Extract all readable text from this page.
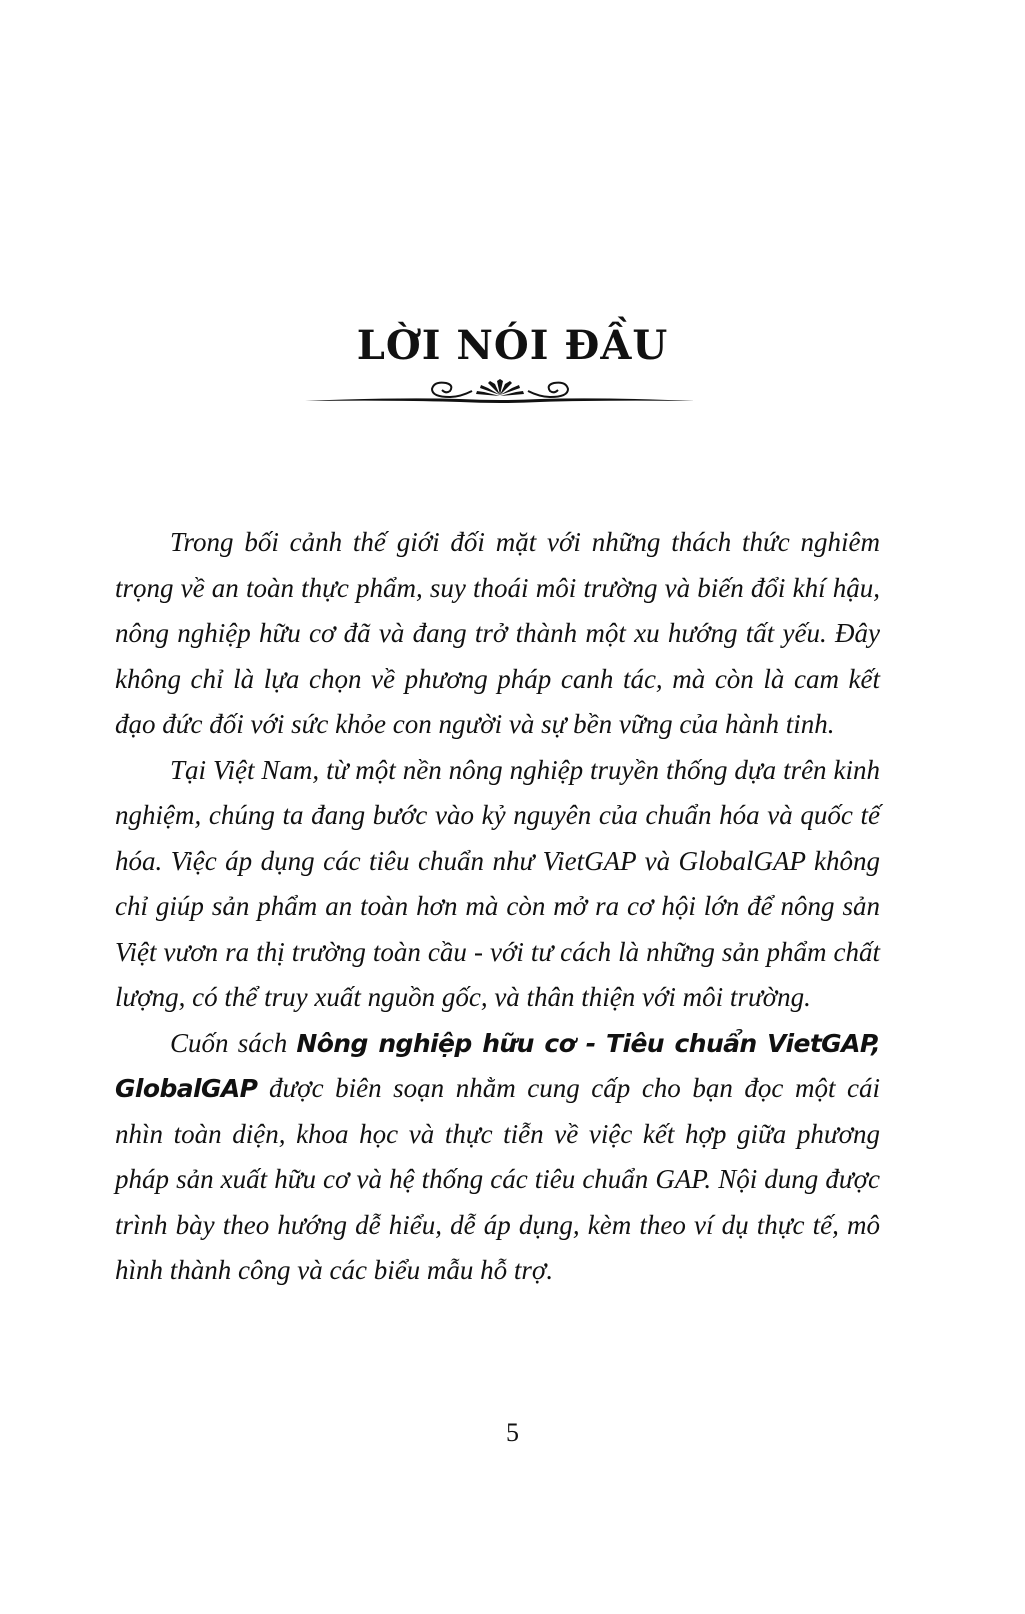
LỜI NÓI ĐẦU

Trong bối cảnh thế giới đối mặt với những thách thức nghiêm trọng về an toàn thực phẩm, suy thoái môi trường và biến đổi khí hậu, nông nghiệp hữu cơ đã và đang trở thành một xu hướng tất yếu. Đây không chỉ là lựa chọn về phương pháp canh tác, mà còn là cam kết đạo đức đối với sức khỏe con người và sự bền vững của hành tinh.

Tại Việt Nam, từ một nền nông nghiệp truyền thống dựa trên kinh nghiệm, chúng ta đang bước vào kỷ nguyên của chuẩn hóa và quốc tế hóa. Việc áp dụng các tiêu chuẩn như VietGAP và GlobalGAP không chỉ giúp sản phẩm an toàn hơn mà còn mở ra cơ hội lớn để nông sản Việt vươn ra thị trường toàn cầu - với tư cách là những sản phẩm chất lượng, có thể truy xuất nguồn gốc, và thân thiện với môi trường.

Cuốn sách Nông nghiệp hữu cơ - Tiêu chuẩn VietGAP, GlobalGAP được biên soạn nhằm cung cấp cho bạn đọc một cái nhìn toàn diện, khoa học và thực tiễn về việc kết hợp giữa phương pháp sản xuất hữu cơ và hệ thống các tiêu chuẩn GAP. Nội dung được trình bày theo hướng dễ hiểu, dễ áp dụng, kèm theo ví dụ thực tế, mô hình thành công và các biểu mẫu hỗ trợ.

5
